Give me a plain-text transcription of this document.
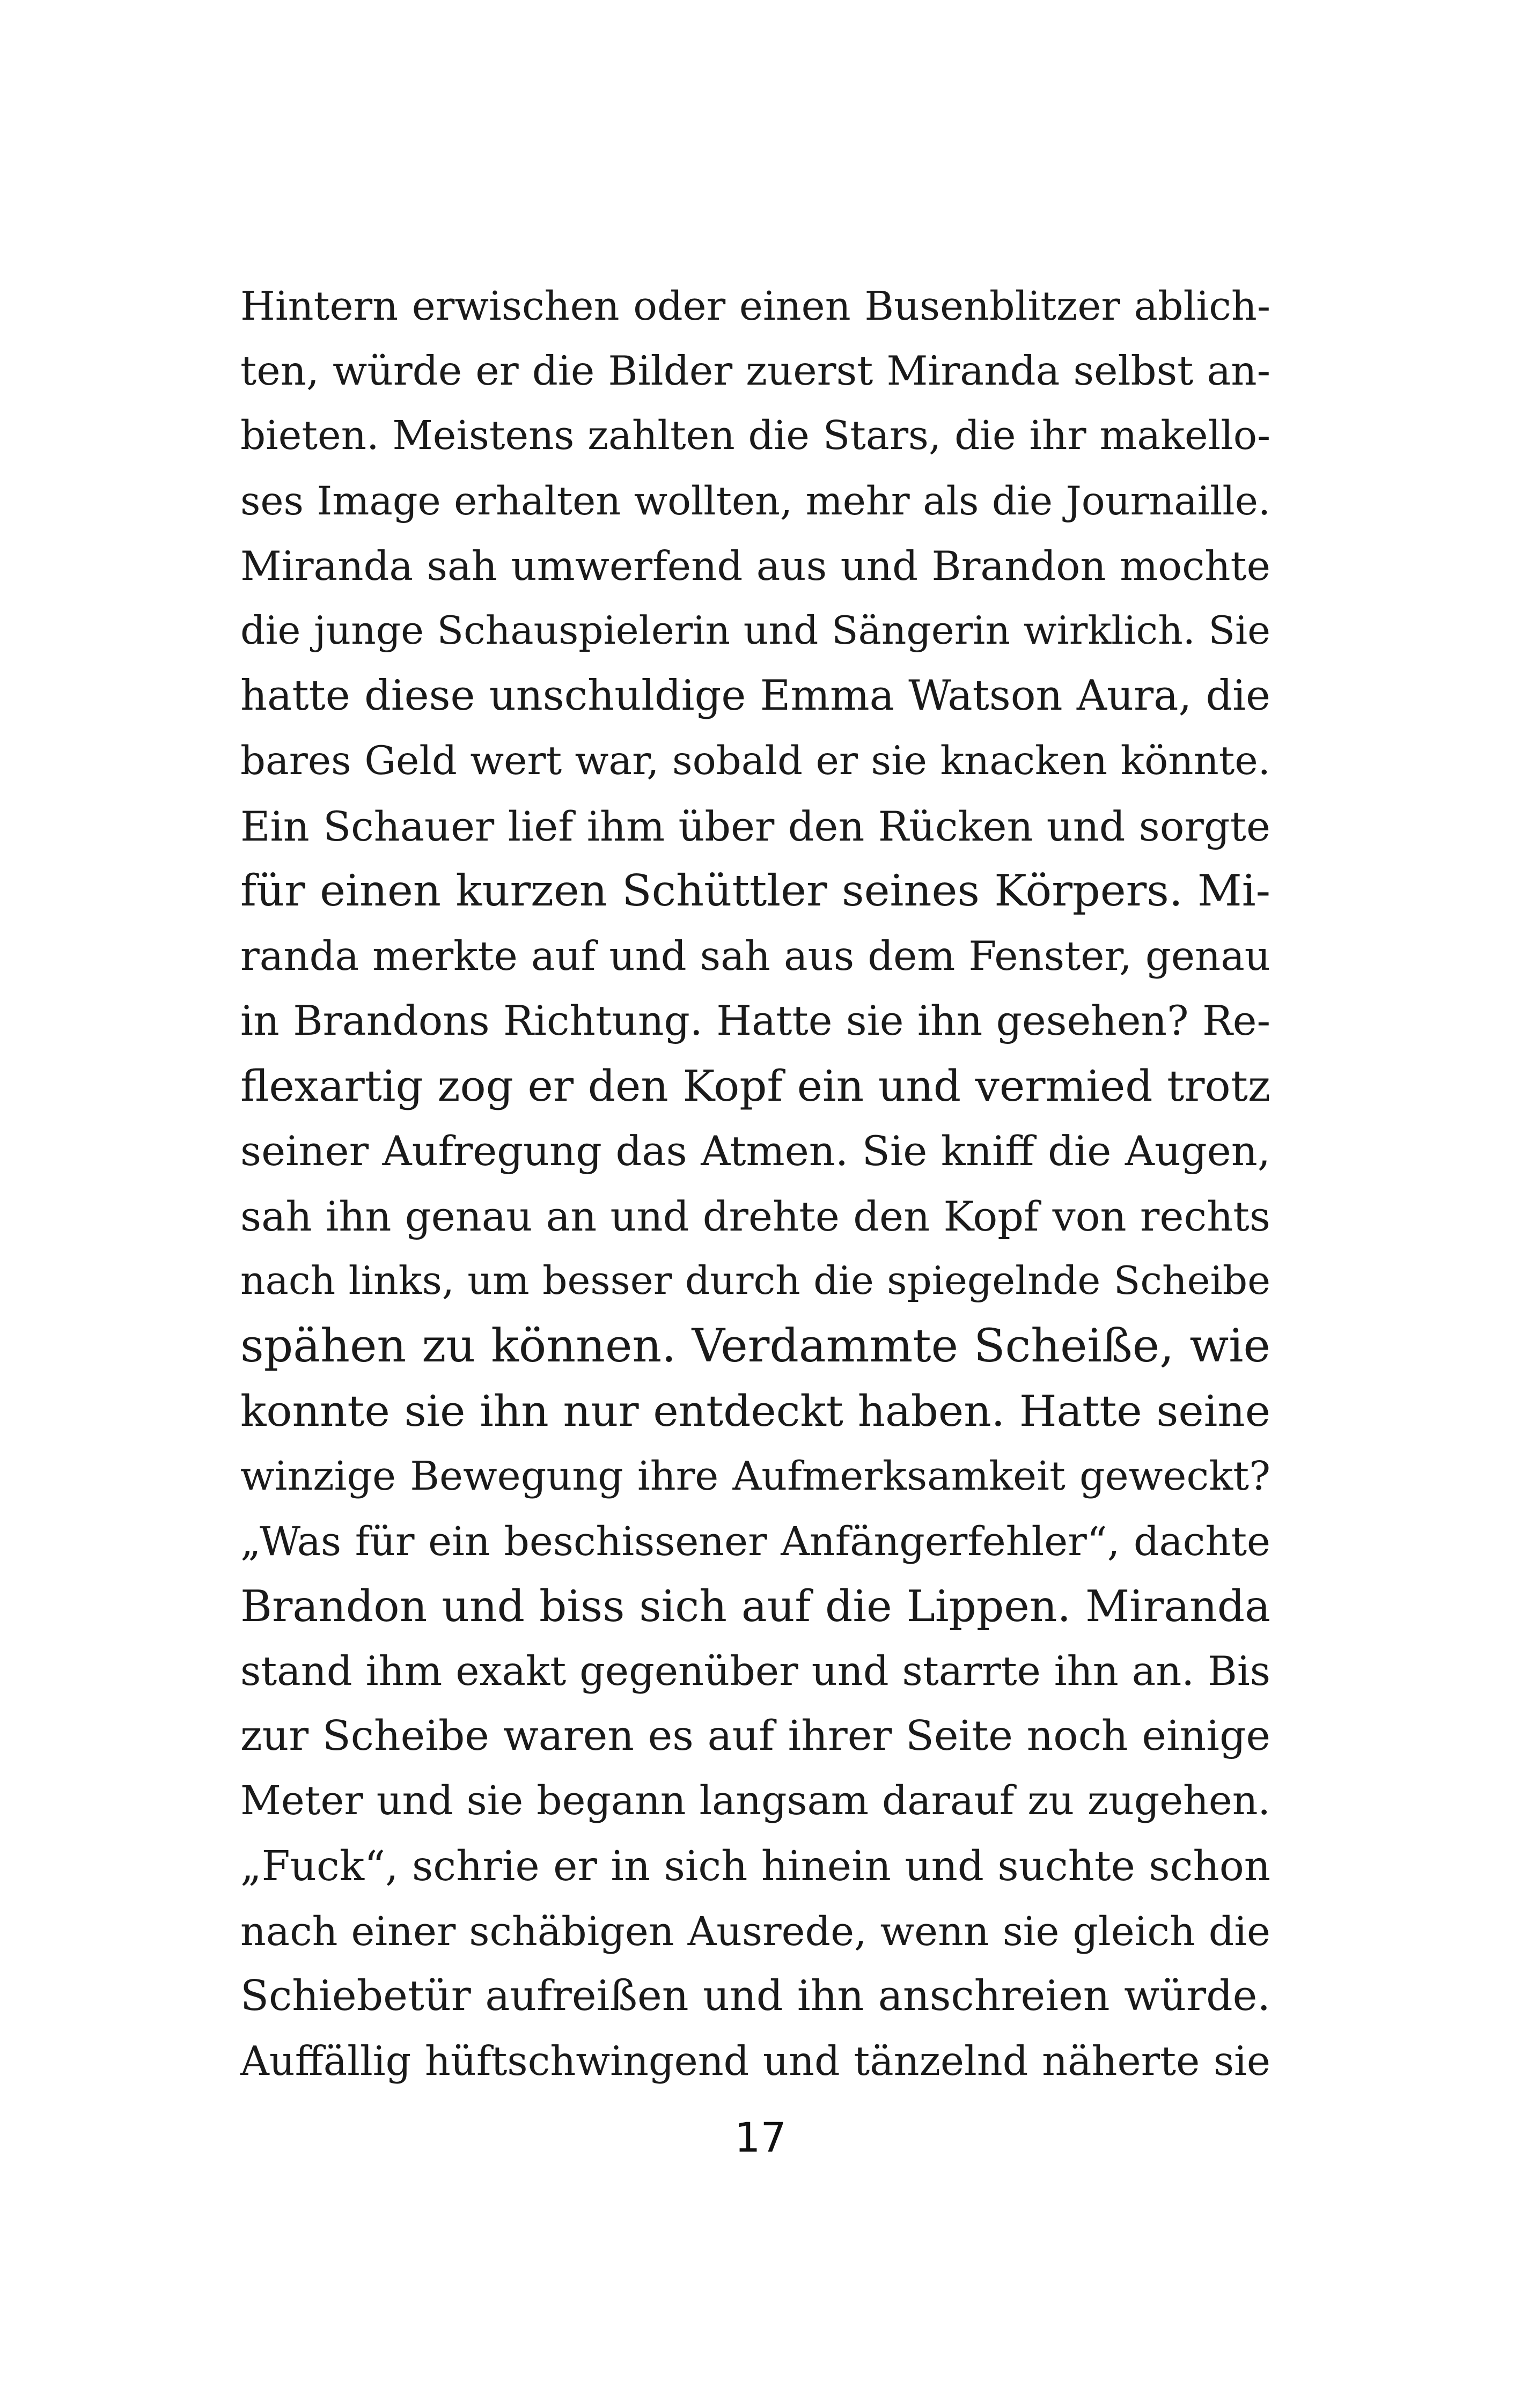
Hintern erwischen oder einen Busenblitzer ablich-
ten, würde er die Bilder zuerst Miranda selbst an-
bieten. Meistens zahlten die Stars, die ihr makello-
ses Image erhalten wollten, mehr als die Journaille.
Miranda sah umwerfend aus und Brandon mochte
die junge Schauspielerin und Sängerin wirklich. Sie
hatte diese unschuldige Emma Watson Aura, die
bares Geld wert war, sobald er sie knacken könnte.
Ein Schauer lief ihm über den Rücken und sorgte
für einen kurzen Schüttler seines Körpers. Mi-
randa merkte auf und sah aus dem Fenster, genau
in Brandons Richtung. Hatte sie ihn gesehen? Re-
flexartig zog er den Kopf ein und vermied trotz
seiner Aufregung das Atmen. Sie kniff die Augen,
sah ihn genau an und drehte den Kopf von rechts
nach links, um besser durch die spiegelnde Scheibe
spähen zu können. Verdammte Scheiße, wie
konnte sie ihn nur entdeckt haben. Hatte seine
winzige Bewegung ihre Aufmerksamkeit geweckt?
„Was für ein beschissener Anfängerfehler“, dachte
Brandon und biss sich auf die Lippen. Miranda
stand ihm exakt gegenüber und starrte ihn an. Bis
zur Scheibe waren es auf ihrer Seite noch einige
Meter und sie begann langsam darauf zu zugehen.
„Fuck“, schrie er in sich hinein und suchte schon
nach einer schäbigen Ausrede, wenn sie gleich die
Schiebetür aufreißen und ihn anschreien würde.
Auffällig hüftschwingend und tänzelnd näherte sie
17
